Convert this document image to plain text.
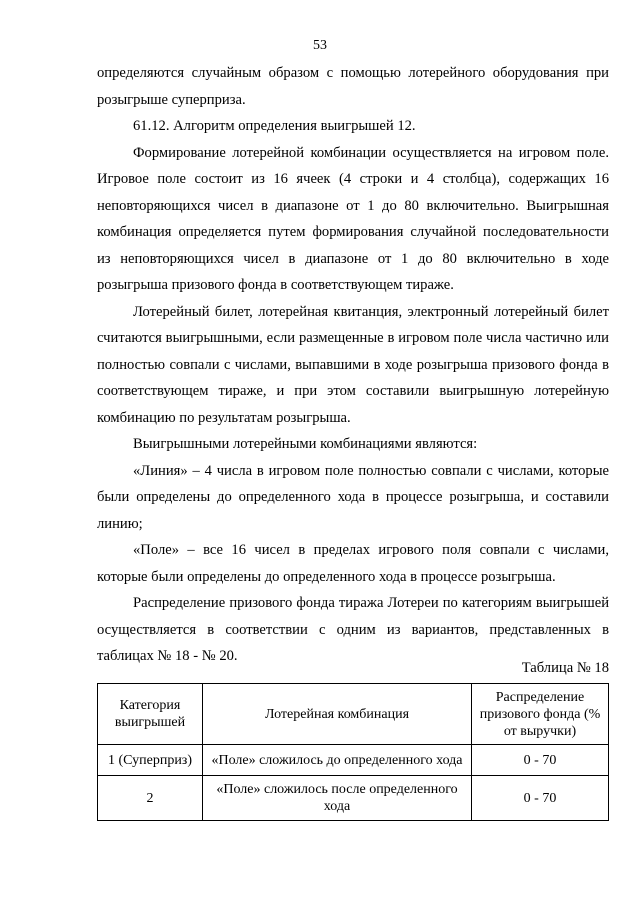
53

определяются случайным образом с помощью лотерейного оборудования при розыгрыше суперприза.

61.12. Алгоритм определения выигрышей 12.

Формирование лотерейной комбинации осуществляется на игровом поле. Игровое поле состоит из 16 ячеек (4 строки и 4 столбца), содержащих 16 неповторяющихся чисел в диапазоне от 1 до 80 включительно. Выигрышная комбинация определяется путем формирования случайной последовательности из неповторяющихся чисел в диапазоне от 1 до 80 включительно в ходе розыгрыша призового фонда в соответствующем тираже.

Лотерейный билет, лотерейная квитанция, электронный лотерейный билет считаются выигрышными, если размещенные в игровом поле числа частично или полностью совпали с числами, выпавшими в ходе розыгрыша призового фонда в соответствующем тираже, и при этом составили выигрышную лотерейную комбинацию по результатам розыгрыша.

Выигрышными лотерейными комбинациями являются:

«Линия» – 4 числа в игровом поле полностью совпали с числами, которые были определены до определенного хода в процессе розыгрыша, и составили линию;

«Поле» – все 16 чисел в пределах игрового поля совпали с числами, которые были определены до определенного хода в процессе розыгрыша.

Распределение призового фонда тиража Лотереи по категориям выигрышей осуществляется в соответствии с одним из вариантов, представленных в таблицах № 18 - № 20.

Таблица № 18
Категория выигрышей	Лотерейная комбинация	Распределение призового фонда (% от выручки)
1 (Суперприз)	«Поле» сложилось до определенного хода	0 - 70
2	«Поле» сложилось после определенного хода	0 - 70
